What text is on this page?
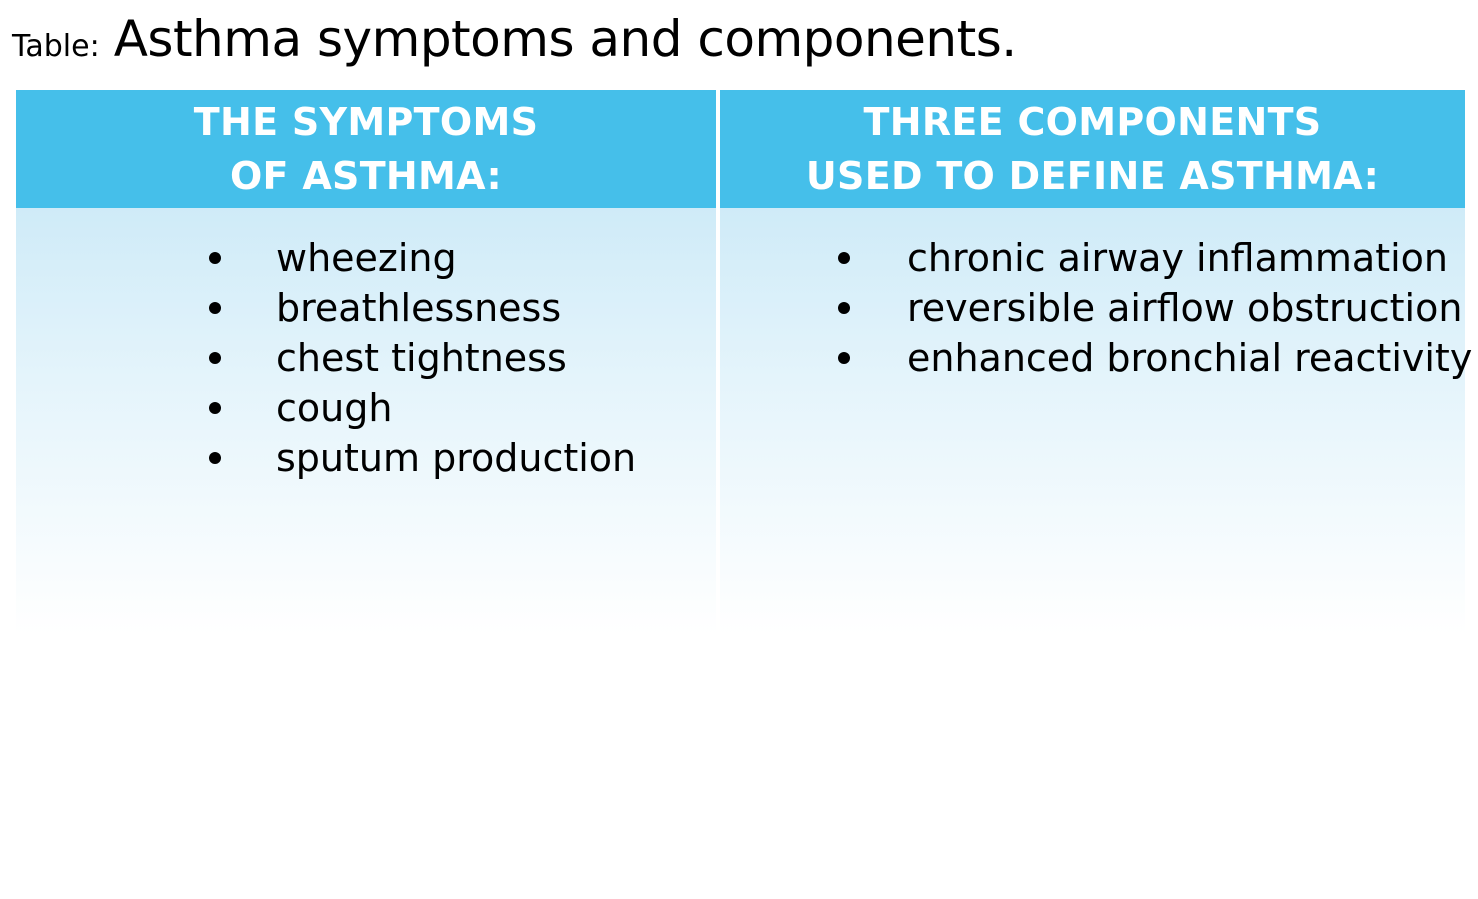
Table: Asthma symptoms and components.
THE SYMPTOMS
OF ASTHMA:
wheezing
breathlessness
chest tightness
cough
sputum production
THREE COMPONENTS
USED TO DEFINE ASTHMA:
chronic airway inflammation
reversible airflow obstruction
enhanced bronchial reactivity
